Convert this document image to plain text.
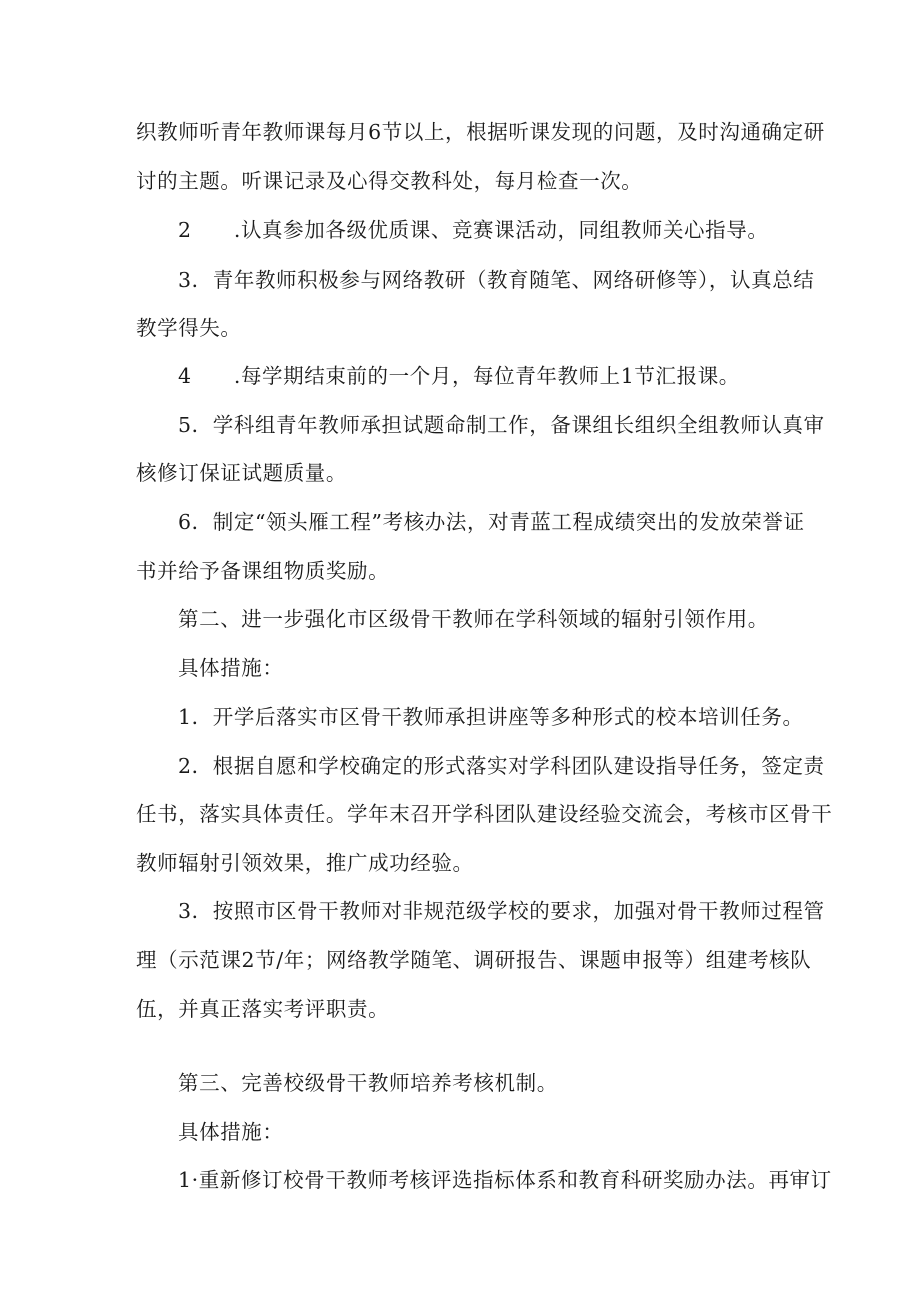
织教师听青年教师课每月6节以上，根据听课发现的问题，及时沟通确定研
讨的主题。听课记录及心得交教科处，每月检查一次。
2　　.认真参加各级优质课、竞赛课活动，同组教师关心指导。
3．青年教师积极参与网络教研（教育随笔、网络研修等），认真总结
教学得失。
4　　.每学期结束前的一个月，每位青年教师上1节汇报课。
5．学科组青年教师承担试题命制工作，备课组长组织全组教师认真审
核修订保证试题质量。
6．制定“领头雁工程”考核办法，对青蓝工程成绩突出的发放荣誉证
书并给予备课组物质奖励。
第二、进一步强化市区级骨干教师在学科领域的辐射引领作用。
具体措施：
1．开学后落实市区骨干教师承担讲座等多种形式的校本培训任务。
2．根据自愿和学校确定的形式落实对学科团队建设指导任务，签定责
任书，落实具体责任。学年末召开学科团队建设经验交流会，考核市区骨干
教师辐射引领效果，推广成功经验。
3．按照市区骨干教师对非规范级学校的要求，加强对骨干教师过程管
理（示范课2节/年；网络教学随笔、调研报告、课题申报等）组建考核队
伍，并真正落实考评职责。
第三、完善校级骨干教师培养考核机制。
具体措施：
1·重新修订校骨干教师考核评选指标体系和教育科研奖励办法。再审订
